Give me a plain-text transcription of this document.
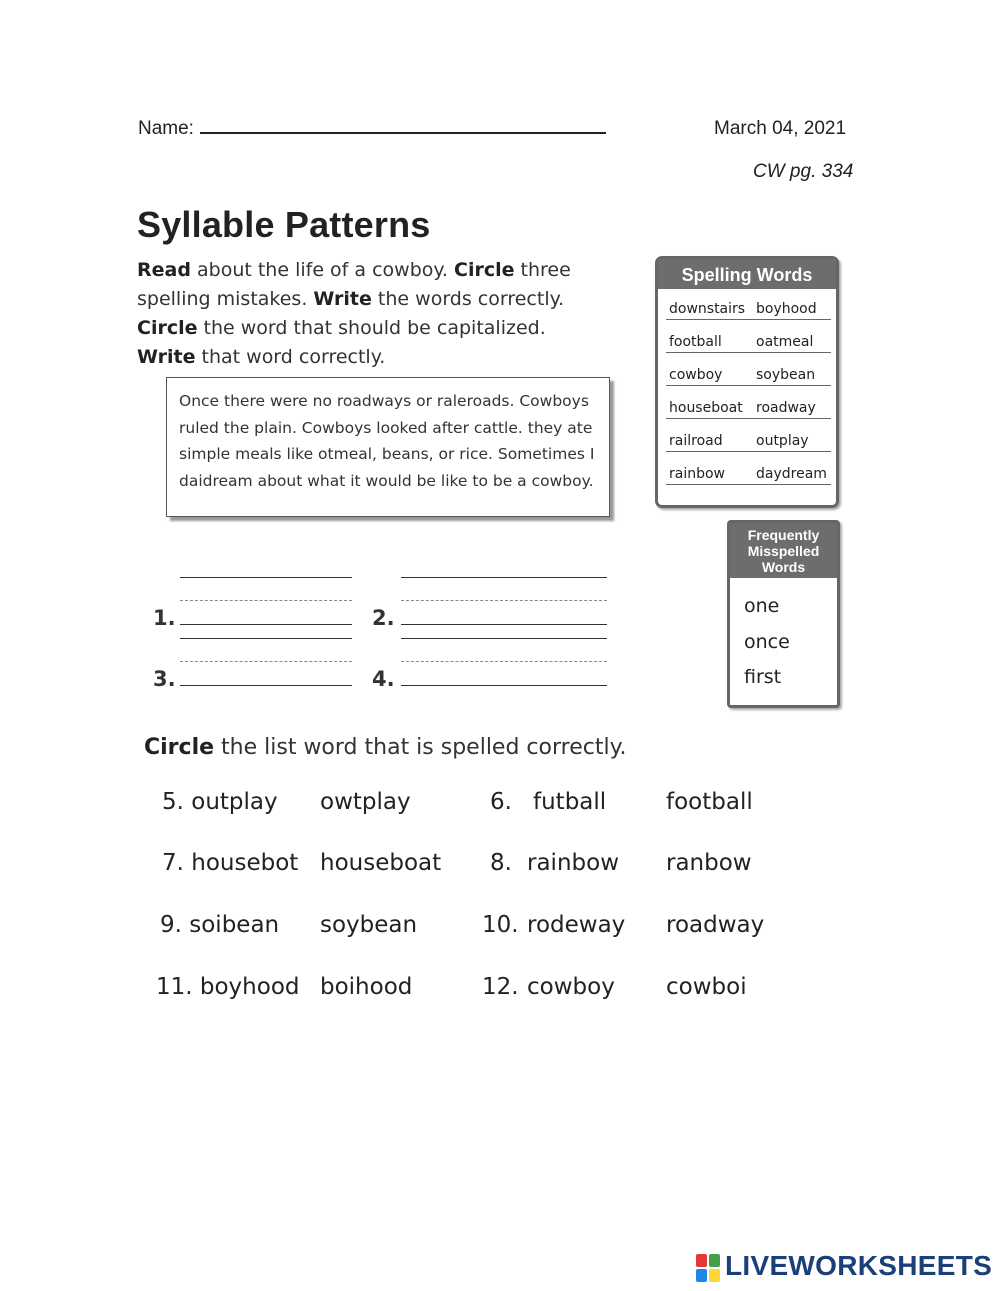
Name:	March 04, 2021
CW pg. 334
Syllable Patterns
Read about the life of a cowboy. Circle three spelling mistakes. Write the words correctly.
Circle the word that should be capitalized.
Write that word correctly.
Once there were no roadways or raleroads. Cowboys ruled the plain. Cowboys looked after cattle. they ate simple meals like otmeal, beans, or rice. Sometimes I daidream about what it would be like to be a cowboy.
Spelling Words
downstairs boyhood
football oatmeal
cowboy soybean
houseboat roadway
railroad outplay
rainbow daydream
Frequently
Misspelled
Words
one
once
first
1.
3.
2.
4.
Circle the list word that is spelled correctly.
5. outplay owtplay	6. futball	football
7. housebot houseboat 8. rainbow ranbow
9. soibean soybean	10. rodeway roadway
11. boyhood boihood	12. cowboy cowboi
LIVEWORKSHEETS
